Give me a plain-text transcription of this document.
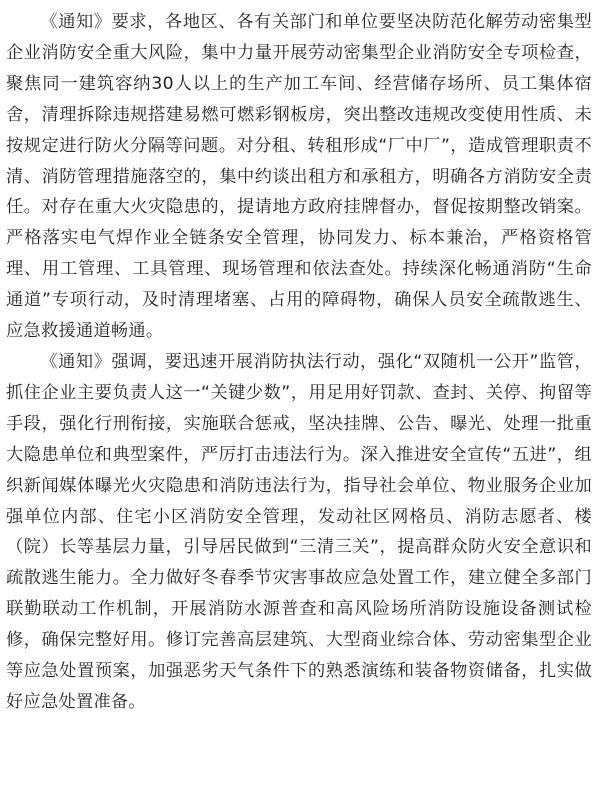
《通知》要求，各地区、各有关部门和单位要坚决防范化解劳动密集型企业消防安全重大风险，集中力量开展劳动密集型企业消防安全专项检查，聚焦同一建筑容纳30人以上的生产加工车间、经营储存场所、员工集体宿舍，清理拆除违规搭建易燃可燃彩钢板房，突出整改违规改变使用性质、未按规定进行防火分隔等问题。对分租、转租形成“厂中厂”，造成管理职责不清、消防管理措施落空的，集中约谈出租方和承租方，明确各方消防安全责任。对存在重大火灾隐患的，提请地方政府挂牌督办，督促按期整改销案。严格落实电气焊作业全链条安全管理，协同发力、标本兼治，严格资格管理、用工管理、工具管理、现场管理和依法查处。持续深化畅通消防“生命通道”专项行动，及时清理堵塞、占用的障碍物，确保人员安全疏散逃生、应急救援通道畅通。

《通知》强调，要迅速开展消防执法行动，强化“双随机一公开”监管，抓住企业主要负责人这一“关键少数”，用足用好罚款、查封、关停、拘留等手段，强化行刑衔接，实施联合惩戒，坚决挂牌、公告、曝光、处理一批重大隐患单位和典型案件，严厉打击违法行为。深入推进安全宣传“五进”，组织新闻媒体曝光火灾隐患和消防违法行为，指导社会单位、物业服务企业加强单位内部、住宅小区消防安全管理，发动社区网格员、消防志愿者、楼（院）长等基层力量，引导居民做到“三清三关”，提高群众防火安全意识和疏散逃生能力。全力做好冬春季节灾害事故应急处置工作，建立健全多部门联勤联动工作机制，开展消防水源普查和高风险场所消防设施设备测试检修，确保完整好用。修订完善高层建筑、大型商业综合体、劳动密集型企业等应急处置预案，加强恶劣天气条件下的熟悉演练和装备物资储备，扎实做好应急处置准备。
